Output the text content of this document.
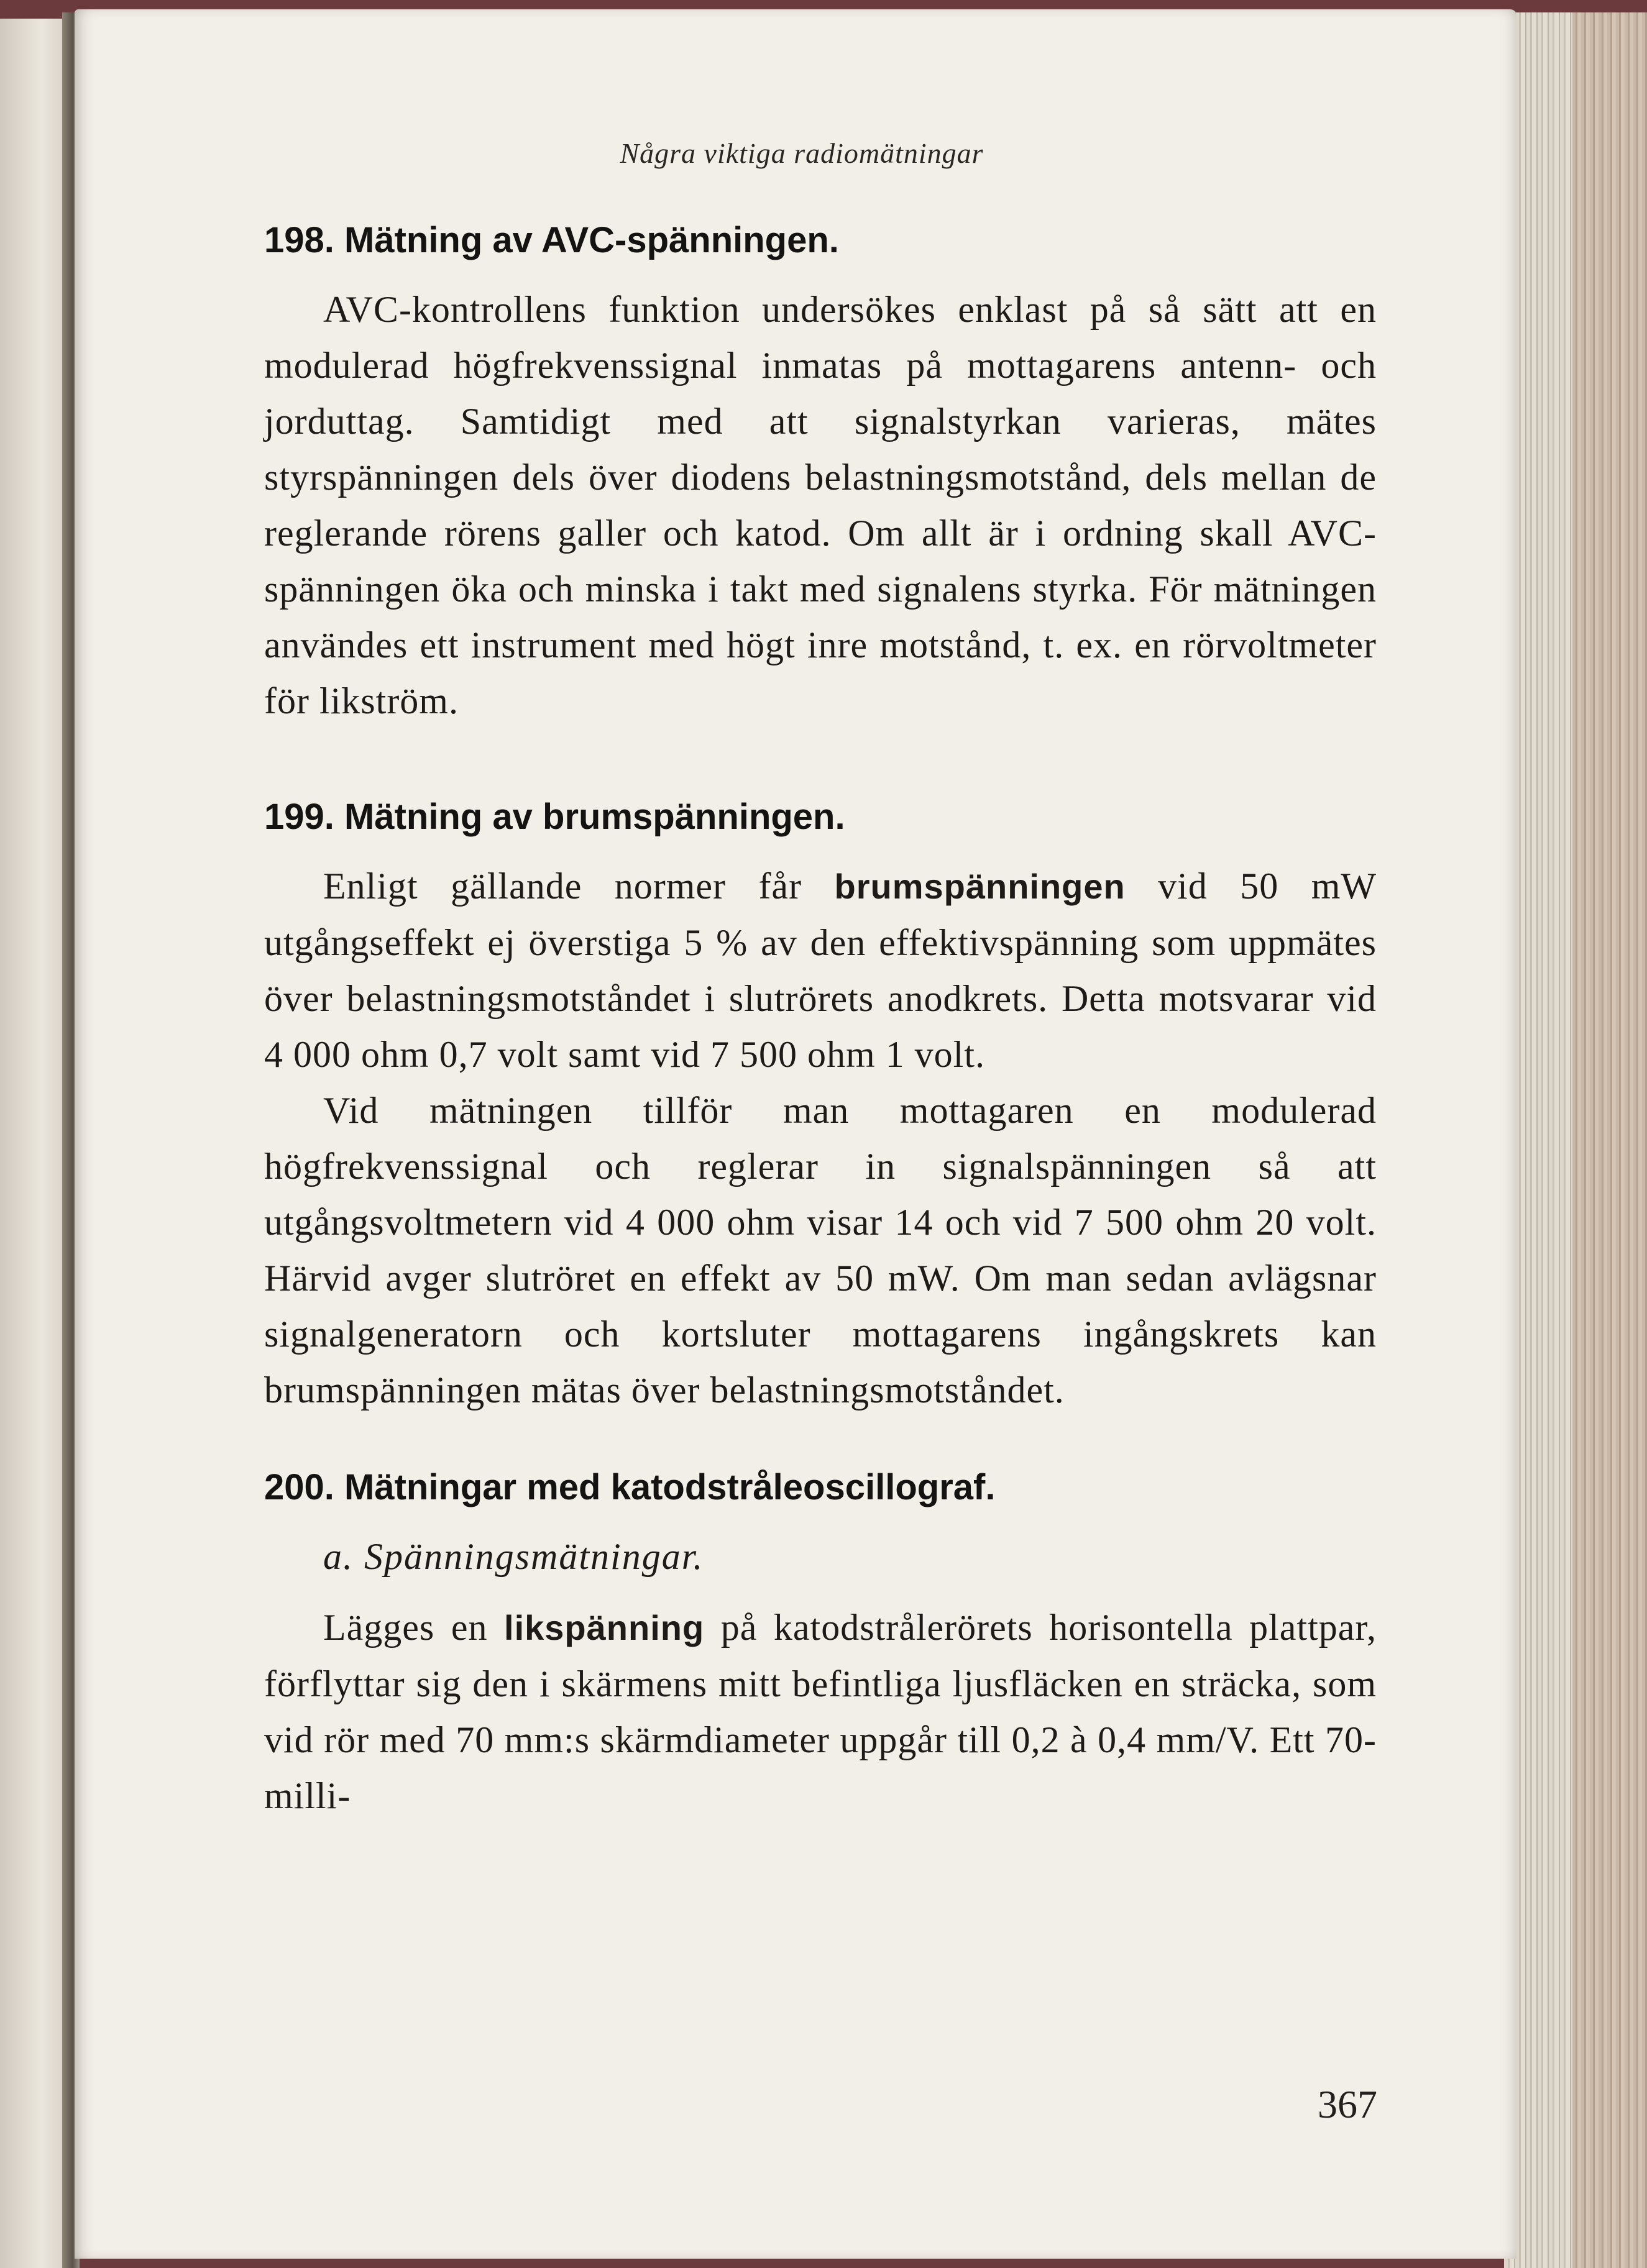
Några viktiga radiomätningar
198. Mätning av AVC-spänningen.

AVC-kontrollens funktion undersökes enklast på så sätt att en modulerad högfrekvenssignal inmatas på mottagarens antenn- och jorduttag. Samtidigt med att signalstyrkan varieras, mätes styrspänningen dels över diodens belastningsmotstånd, dels mellan de reglerande rörens galler och katod. Om allt är i ordning skall AVC-spänningen öka och minska i takt med signalens styrka. För mätningen användes ett instrument med högt inre motstånd, t. ex. en rörvoltmeter för likström.

199. Mätning av brumspänningen.

Enligt gällande normer får brumspänningen vid 50 mW utgångseffekt ej överstiga 5 % av den effektivspänning som uppmätes över belastningsmotståndet i slutrörets anodkrets. Detta motsvarar vid 4 000 ohm 0,7 volt samt vid 7 500 ohm 1 volt.

Vid mätningen tillför man mottagaren en modulerad högfrekvenssignal och reglerar in signalspänningen så att utgångsvoltmetern vid 4 000 ohm visar 14 och vid 7 500 ohm 20 volt. Härvid avger slutröret en effekt av 50 mW. Om man sedan avlägsnar signalgeneratorn och kortsluter mottagarens ingångskrets kan brumspänningen mätas över belastningsmotståndet.

200. Mätningar med katodstråleoscillograf.

a. Spänningsmätningar.

Lägges en likspänning på katodstrålerörets horisontella plattpar, förflyttar sig den i skärmens mitt befintliga ljusfläcken en sträcka, som vid rör med 70 mm:s skärmdiameter uppgår till 0,2 à 0,4 mm/V. Ett 70-milli-

367
